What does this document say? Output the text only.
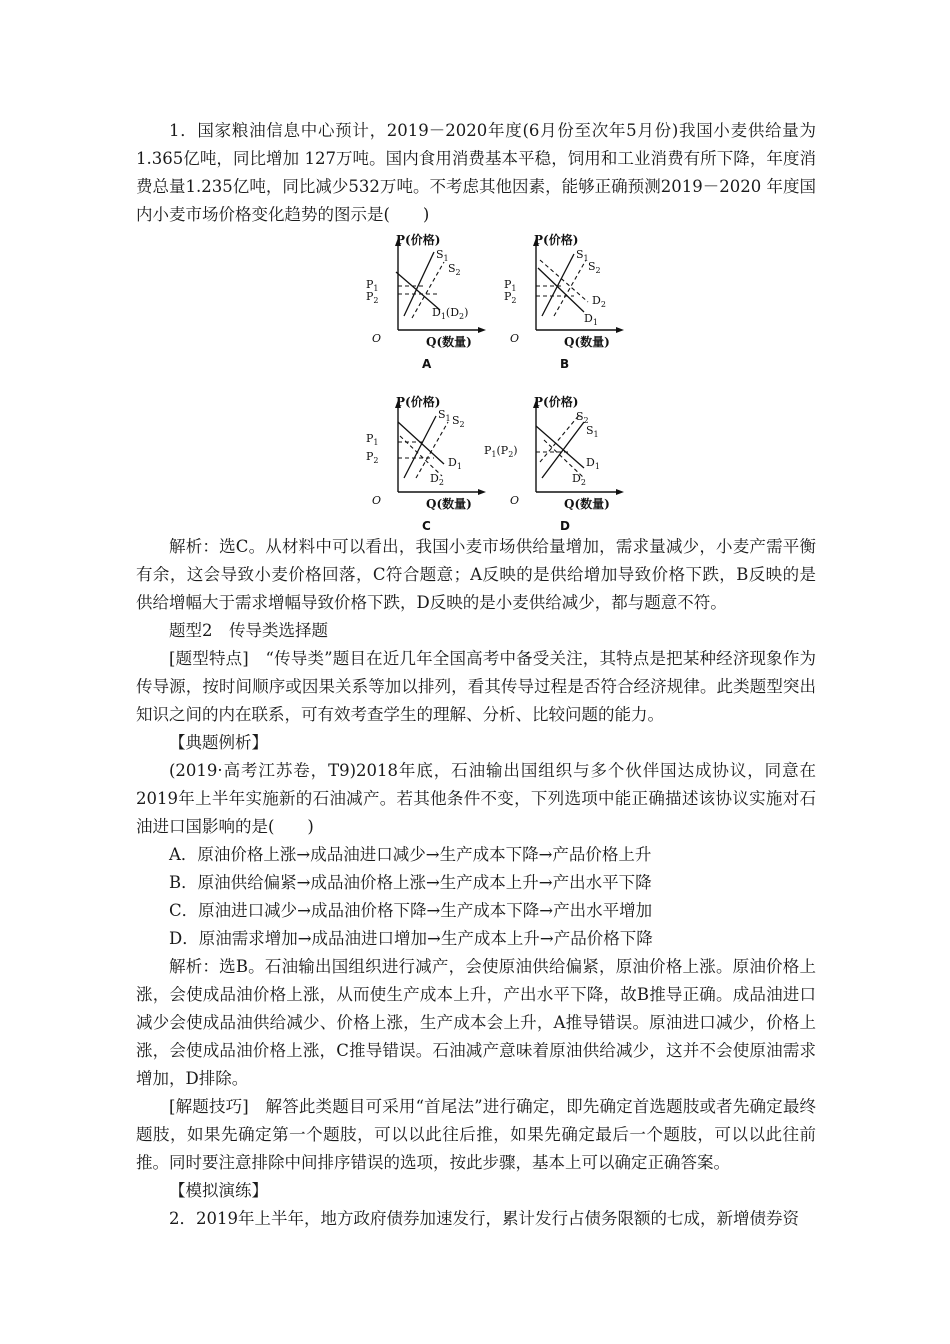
1．国家粮油信息中心预计，2019－2020年度(6月份至次年5月份)我国小麦供给量为1.365亿吨，同比增加 127万吨。国内食用消费基本平稳，饲用和工业消费有所下降，年度消费总量1.235亿吨，同比减少532万吨。不考虑其他因素，能够正确预测2019－2020 年度国内小麦市场价格变化趋势的图示是(　　)

P(价格)
O	Q(数量)
$S_1$
$S_2$
$P_1$
$P_2$
$D_1(D_2)$
A
P(价格)
O	Q(数量)
$S_1$
$S_2$
$P_1$
$P_2$	$D_2$
$D_1$
B
P(价格)
O	Q(数量)
$S_1$ $S_2$
$P_1$
$P_2$	$D_1$
$D_2$
C
P(价格)
O	Q(数量)
$S_2$
$S_1$
$P_1(P_2)$
$D_1$
$D_2$
D

解析：选C。从材料中可以看出，我国小麦市场供给量增加，需求量减少，小麦产需平衡有余，这会导致小麦价格回落，C符合题意；A反映的是供给增加导致价格下跌，B反映的是供给增幅大于需求增幅导致价格下跌，D反映的是小麦供给减少，都与题意不符。

题型2　传导类选择题

[题型特点]　“传导类”题目在近几年全国高考中备受关注，其特点是把某种经济现象作为传导源，按时间顺序或因果关系等加以排列，看其传导过程是否符合经济规律。此类题型突出知识之间的内在联系，可有效考查学生的理解、分析、比较问题的能力。

【典题例析】

(2019·高考江苏卷，T9)2018年底，石油输出国组织与多个伙伴国达成协议，同意在2019年上半年实施新的石油减产。若其他条件不变，下列选项中能正确描述该协议实施对石油进口国影响的是(　　)

A．原油价格上涨→成品油进口减少→生产成本下降→产品价格上升
B．原油供给偏紧→成品油价格上涨→生产成本上升→产出水平下降
C．原油进口减少→成品油价格下降→生产成本下降→产出水平增加
D．原油需求增加→成品油进口增加→生产成本上升→产品价格下降

解析：选B。石油输出国组织进行减产，会使原油供给偏紧，原油价格上涨。原油价格上涨，会使成品油价格上涨，从而使生产成本上升，产出水平下降，故B推导正确。成品油进口减少会使成品油供给减少、价格上涨，生产成本会上升，A推导错误。原油进口减少，价格上涨，会使成品油价格上涨，C推导错误。石油减产意味着原油供给减少，这并不会使原油需求增加，D排除。

[解题技巧]　解答此类题目可采用“首尾法”进行确定，即先确定首选题肢或者先确定最终题肢，如果先确定第一个题肢，可以以此往后推，如果先确定最后一个题肢，可以以此往前推。同时要注意排除中间排序错误的选项，按此步骤，基本上可以确定正确答案。

【模拟演练】

2．2019年上半年，地方政府债券加速发行，累计发行占债务限额的七成，新增债券资
